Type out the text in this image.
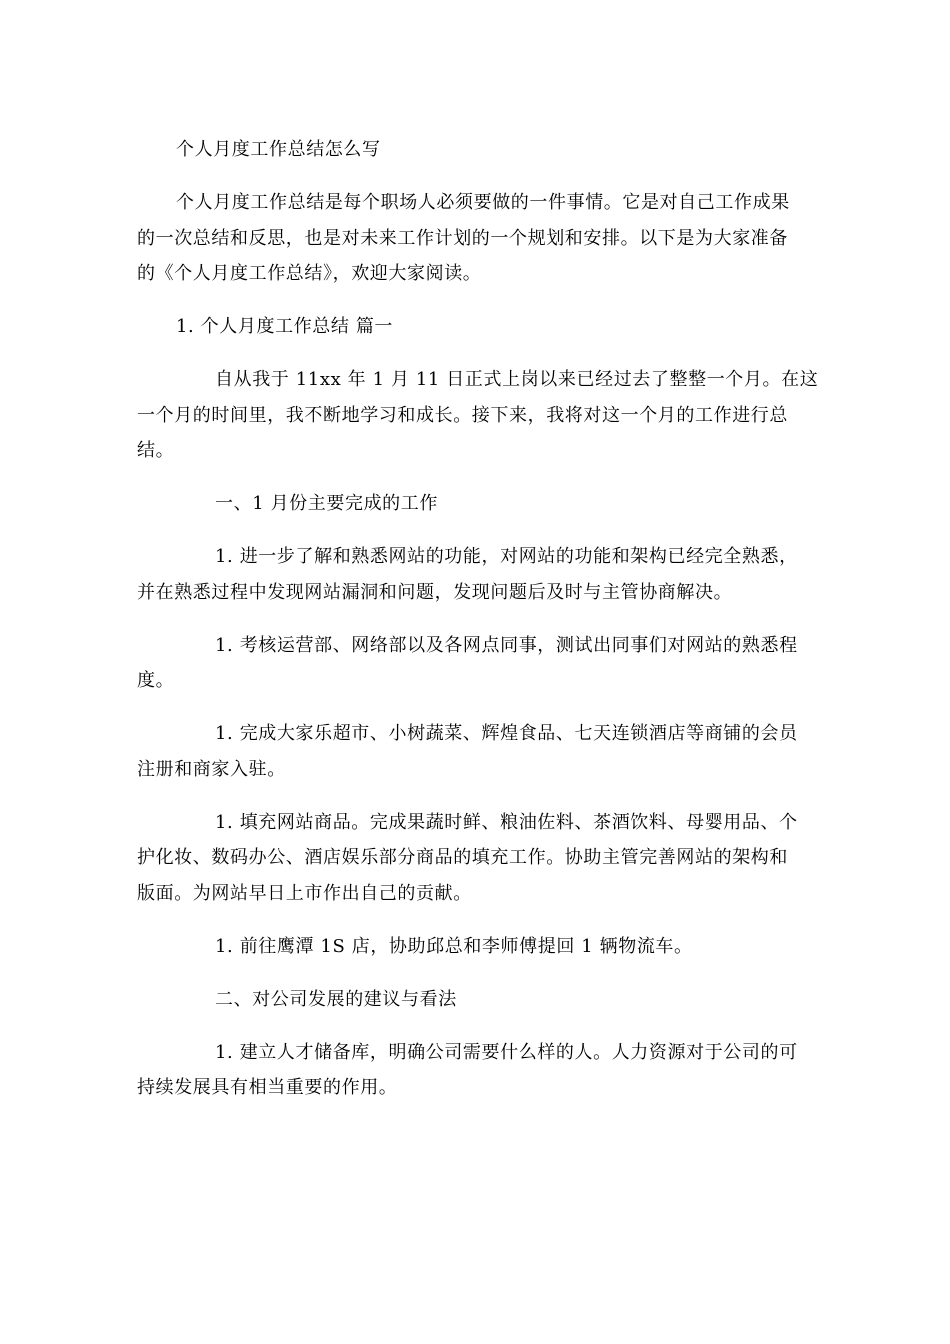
个人月度工作总结怎么写
个人月度工作总结是每个职场人必须要做的一件事情。它是对自己工作成果
的一次总结和反思，也是对未来工作计划的一个规划和安排。以下是为大家准备
的《个人月度工作总结》，欢迎大家阅读。
1. 个人月度工作总结 篇一
自从我于 11xx 年 1 月 11 日正式上岗以来已经过去了整整一个月。在这
一个月的时间里，我不断地学习和成长。接下来，我将对这一个月的工作进行总
结。
一、1 月份主要完成的工作
1. 进一步了解和熟悉网站的功能，对网站的功能和架构已经完全熟悉，
并在熟悉过程中发现网站漏洞和问题，发现问题后及时与主管协商解决。
1. 考核运营部、网络部以及各网点同事，测试出同事们对网站的熟悉程
度。
1. 完成大家乐超市、小树蔬菜、辉煌食品、七天连锁酒店等商铺的会员
注册和商家入驻。
1. 填充网站商品。完成果蔬时鲜、粮油佐料、茶酒饮料、母婴用品、个
护化妆、数码办公、酒店娱乐部分商品的填充工作。协助主管完善网站的架构和
版面。为网站早日上市作出自己的贡献。
1. 前往鹰潭 1S 店，协助邱总和李师傅提回 1 辆物流车。
二、对公司发展的建议与看法
1. 建立人才储备库，明确公司需要什么样的人。人力资源对于公司的可
持续发展具有相当重要的作用。
